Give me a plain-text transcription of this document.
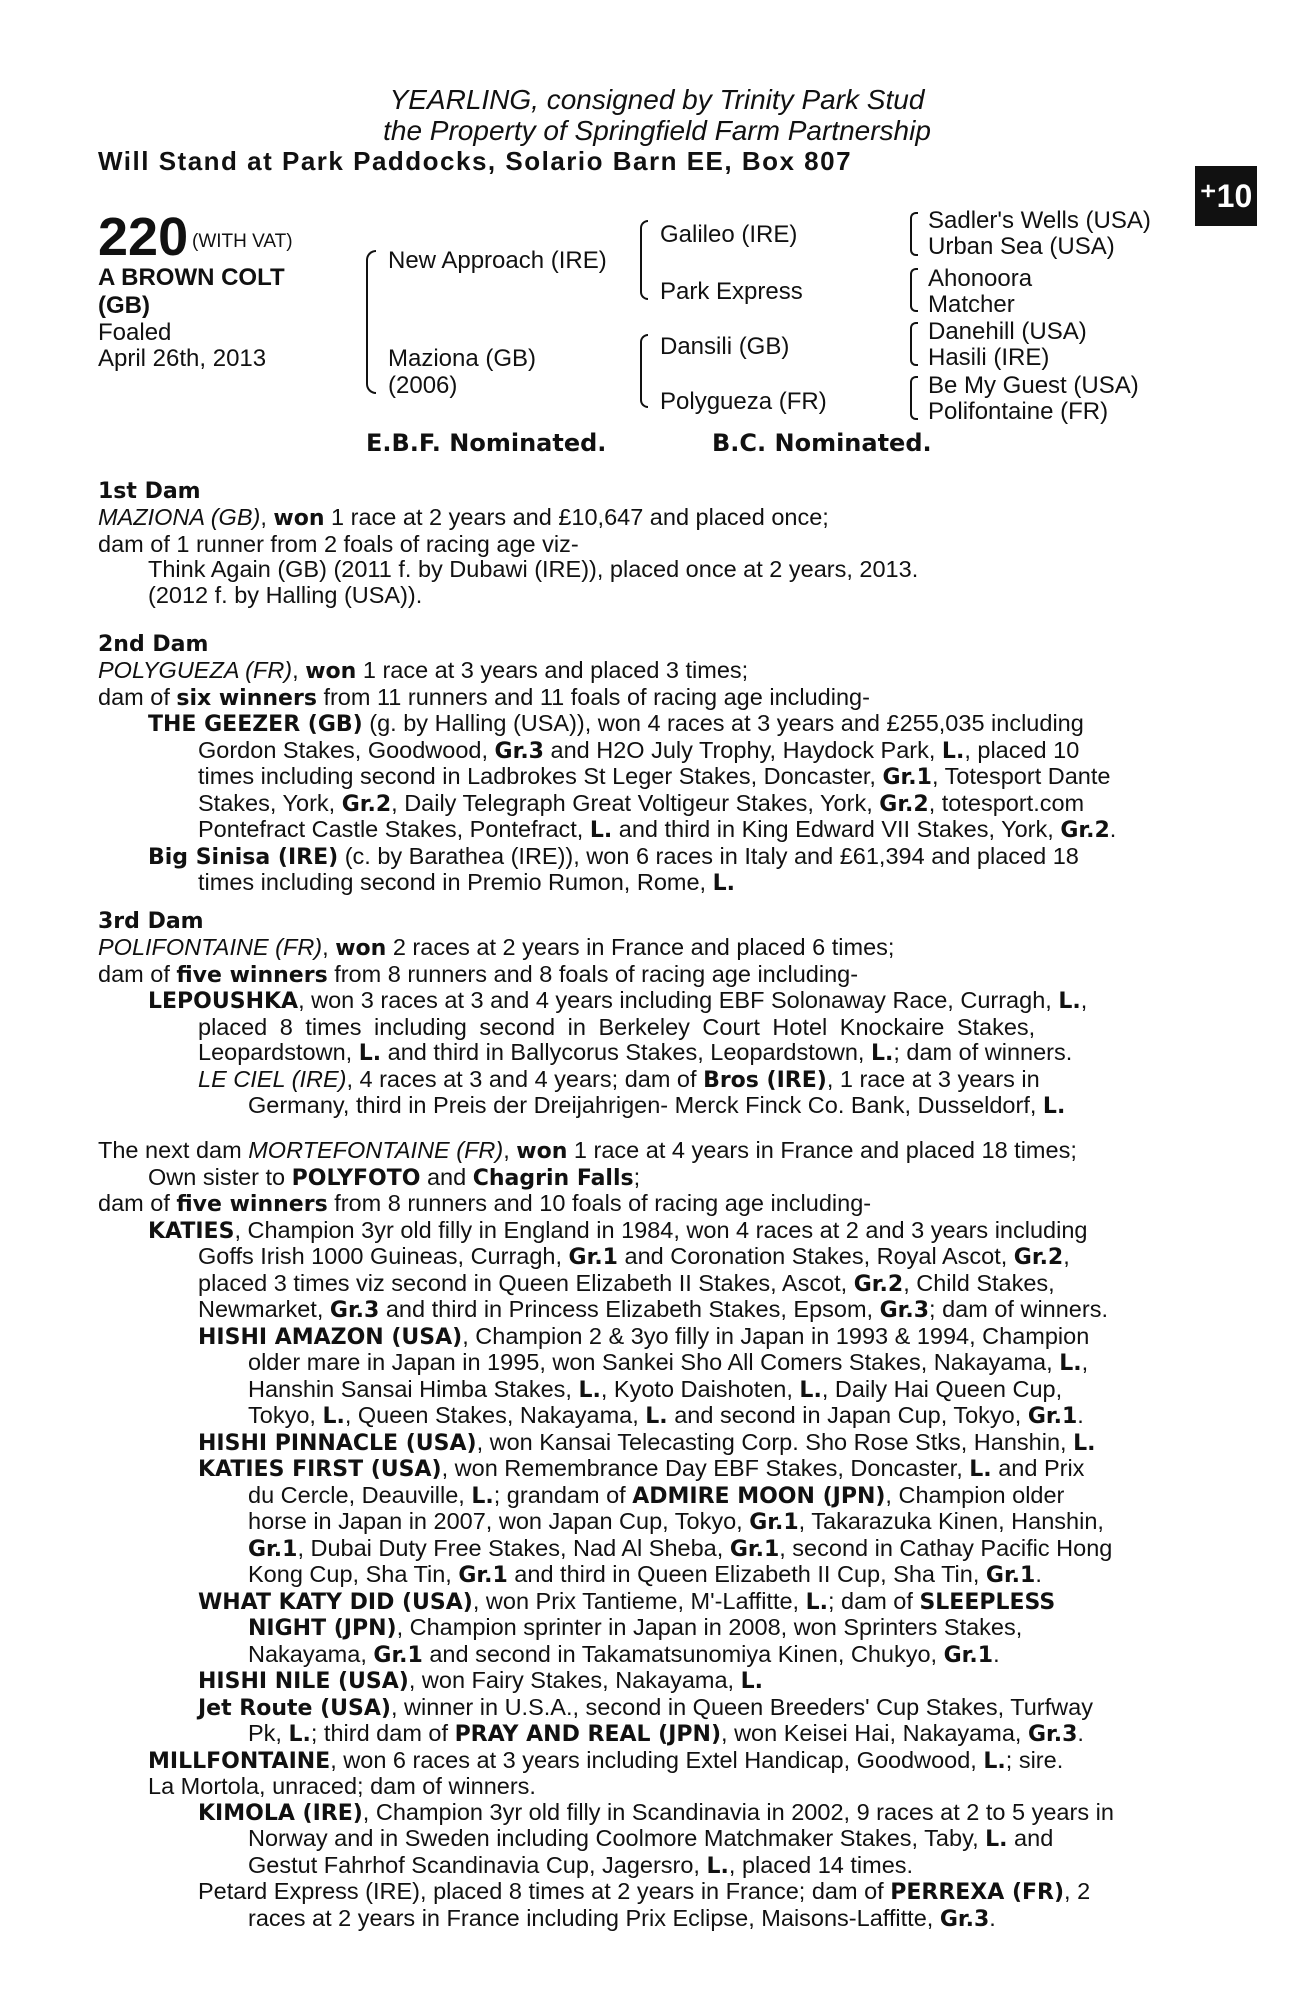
YEARLING, consigned by Trinity Park Stud
the Property of Springfield Farm Partnership
Will Stand at Park Paddocks, Solario Barn EE, Box 807
⁺10
220 (WITH VAT)
A BROWN COLT
(GB)
Foaled
April 26th, 2013
New Approach (IRE)
Maziona (GB)
(2006)
Galileo (IRE)
Park Express
Dansili (GB)
Polygueza (FR)
Sadler's Wells (USA)
Urban Sea (USA)
Ahonoora
Matcher
Danehill (USA)
Hasili (IRE)
Be My Guest (USA)
Polifontaine (FR)
E.B.F. Nominated.	B.C. Nominated.
1st Dam

MAZIONA (GB), won 1 race at 2 years and £10,647 and placed once;

dam of 1 runner from 2 foals of racing age viz-

Think Again (GB) (2011 f. by Dubawi (IRE)), placed once at 2 years, 2013.

(2012 f. by Halling (USA)).

2nd Dam

POLYGUEZA (FR), won 1 race at 3 years and placed 3 times;

dam of six winners from 11 runners and 11 foals of racing age including-

THE GEEZER (GB) (g. by Halling (USA)), won 4 races at 3 years and £255,035 including

Gordon Stakes, Goodwood, Gr.3 and H2O July Trophy, Haydock Park, L., placed 10

times including second in Ladbrokes St Leger Stakes, Doncaster, Gr.1, Totesport Dante

Stakes, York, Gr.2, Daily Telegraph Great Voltigeur Stakes, York, Gr.2, totesport.com

Pontefract Castle Stakes, Pontefract, L. and third in King Edward VII Stakes, York, Gr.2.

Big Sinisa (IRE) (c. by Barathea (IRE)), won 6 races in Italy and £61,394 and placed 18

times including second in Premio Rumon, Rome, L.

3rd Dam

POLIFONTAINE (FR), won 2 races at 2 years in France and placed 6 times;

dam of five winners from 8 runners and 8 foals of racing age including-

LEPOUSHKA, won 3 races at 3 and 4 years including EBF Solonaway Race, Curragh, L.,

placed 8 times including second in Berkeley Court Hotel Knockaire Stakes,

Leopardstown, L. and third in Ballycorus Stakes, Leopardstown, L.; dam of winners.

LE CIEL (IRE), 4 races at 3 and 4 years; dam of Bros (IRE), 1 race at 3 years in

Germany, third in Preis der Dreijahrigen- Merck Finck Co. Bank, Dusseldorf, L.

The next dam MORTEFONTAINE (FR), won 1 race at 4 years in France and placed 18 times;

Own sister to POLYFOTO and Chagrin Falls;

dam of five winners from 8 runners and 10 foals of racing age including-

KATIES, Champion 3yr old filly in England in 1984, won 4 races at 2 and 3 years including

Goffs Irish 1000 Guineas, Curragh, Gr.1 and Coronation Stakes, Royal Ascot, Gr.2,

placed 3 times viz second in Queen Elizabeth II Stakes, Ascot, Gr.2, Child Stakes,

Newmarket, Gr.3 and third in Princess Elizabeth Stakes, Epsom, Gr.3; dam of winners.

HISHI AMAZON (USA), Champion 2 & 3yo filly in Japan in 1993 & 1994, Champion

older mare in Japan in 1995, won Sankei Sho All Comers Stakes, Nakayama, L.,

Hanshin Sansai Himba Stakes, L., Kyoto Daishoten, L., Daily Hai Queen Cup,

Tokyo, L., Queen Stakes, Nakayama, L. and second in Japan Cup, Tokyo, Gr.1.

HISHI PINNACLE (USA), won Kansai Telecasting Corp. Sho Rose Stks, Hanshin, L.

KATIES FIRST (USA), won Remembrance Day EBF Stakes, Doncaster, L. and Prix

du Cercle, Deauville, L.; grandam of ADMIRE MOON (JPN), Champion older

horse in Japan in 2007, won Japan Cup, Tokyo, Gr.1, Takarazuka Kinen, Hanshin,

Gr.1, Dubai Duty Free Stakes, Nad Al Sheba, Gr.1, second in Cathay Pacific Hong

Kong Cup, Sha Tin, Gr.1 and third in Queen Elizabeth II Cup, Sha Tin, Gr.1.

WHAT KATY DID (USA), won Prix Tantieme, M'-Laffitte, L.; dam of SLEEPLESS

NIGHT (JPN), Champion sprinter in Japan in 2008, won Sprinters Stakes,

Nakayama, Gr.1 and second in Takamatsunomiya Kinen, Chukyo, Gr.1.

HISHI NILE (USA), won Fairy Stakes, Nakayama, L.

Jet Route (USA), winner in U.S.A., second in Queen Breeders' Cup Stakes, Turfway

Pk, L.; third dam of PRAY AND REAL (JPN), won Keisei Hai, Nakayama, Gr.3.

MILLFONTAINE, won 6 races at 3 years including Extel Handicap, Goodwood, L.; sire.

La Mortola, unraced; dam of winners.

KIMOLA (IRE), Champion 3yr old filly in Scandinavia in 2002, 9 races at 2 to 5 years in

Norway and in Sweden including Coolmore Matchmaker Stakes, Taby, L. and

Gestut Fahrhof Scandinavia Cup, Jagersro, L., placed 14 times.

Petard Express (IRE), placed 8 times at 2 years in France; dam of PERREXA (FR), 2

races at 2 years in France including Prix Eclipse, Maisons-Laffitte, Gr.3.
